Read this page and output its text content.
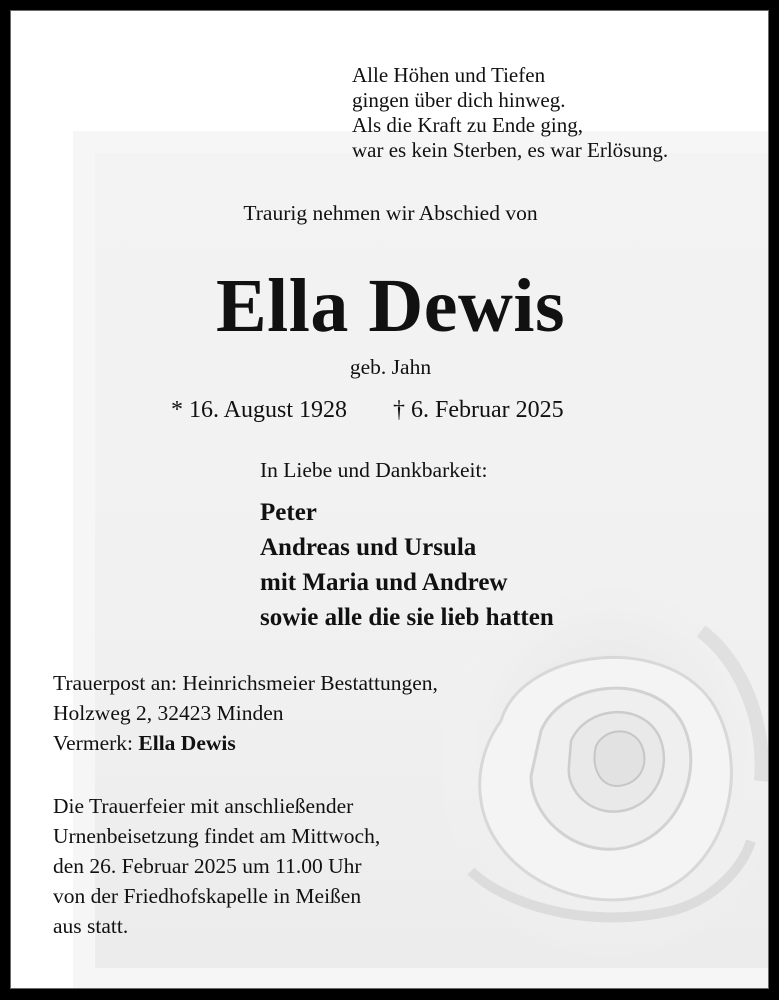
Alle Höhen und Tiefen
gingen über dich hinweg.
Als die Kraft zu Ende ging,
war es kein Sterben, es war Erlösung.
Traurig nehmen wir Abschied von
Ella Dewis
geb. Jahn
* 16. August 1928 † 6. Februar 2025
In Liebe und Dankbarkeit:
Peter
Andreas und Ursula
mit Maria und Andrew
sowie alle die sie lieb hatten
Trauerpost an: Heinrichsmeier Bestattungen,
Holzweg 2, 32423 Minden
Vermerk: Ella Dewis
Die Trauerfeier mit anschließender
Urnenbeisetzung findet am Mittwoch,
den 26. Februar 2025 um 11.00 Uhr
von der Friedhofskapelle in Meißen
aus statt.
